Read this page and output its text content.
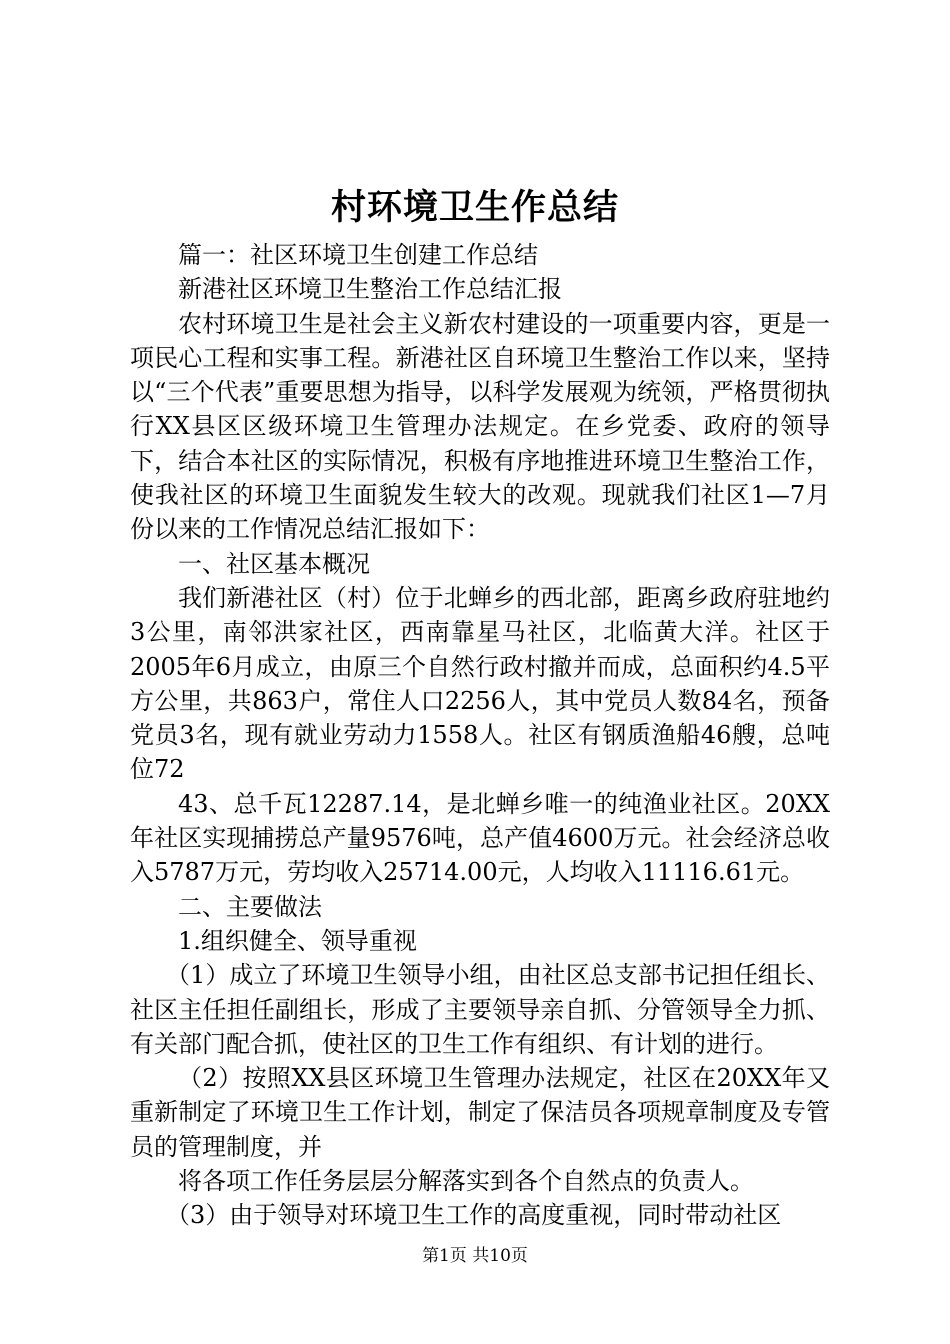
村环境卫生作总结

篇一：社区环境卫生创建工作总结

新港社区环境卫生整治工作总结汇报

农村环境卫生是社会主义新农村建设的一项重要内容，更是一项民心工程和实事工程。新港社区自环境卫生整治工作以来，坚持以“三个代表”重要思想为指导，以科学发展观为统领，严格贯彻执行XX县区区级环境卫生管理办法规定。在乡党委、政府的领导下，结合本社区的实际情况，积极有序地推进环境卫生整治工作，使我社区的环境卫生面貌发生较大的改观。现就我们社区1—7月份以来的工作情况总结汇报如下：

一、社区基本概况

我们新港社区（村）位于北蝉乡的西北部，距离乡政府驻地约3公里，南邻洪家社区，西南靠星马社区，北临黄大洋。社区于2005年6月成立，由原三个自然行政村撤并而成，总面积约4.5平方公里，共863户，常住人口2256人，其中党员人数84名，预备党员3名，现有就业劳动力1558人。社区有钢质渔船46艘，总吨位72

43、总千瓦12287.14，是北蝉乡唯一的纯渔业社区。20XX年社区实现捕捞总产量9576吨，总产值4600万元。社会经济总收入5787万元，劳均收入25714.00元，人均收入11116.61元。

二、主要做法

1.组织健全、领导重视

（1）成立了环境卫生领导小组，由社区总支部书记担任组长、社区主任担任副组长，形成了主要领导亲自抓、分管领导全力抓、有关部门配合抓，使社区的卫生工作有组织、有计划的进行。

（2）按照XX县区环境卫生管理办法规定，社区在20XX年又重新制定了环境卫生工作计划，制定了保洁员各项规章制度及专管员的管理制度，并

将各项工作任务层层分解落实到各个自然点的负责人。

（3）由于领导对环境卫生工作的高度重视，同时带动社区

第1页 共10页
